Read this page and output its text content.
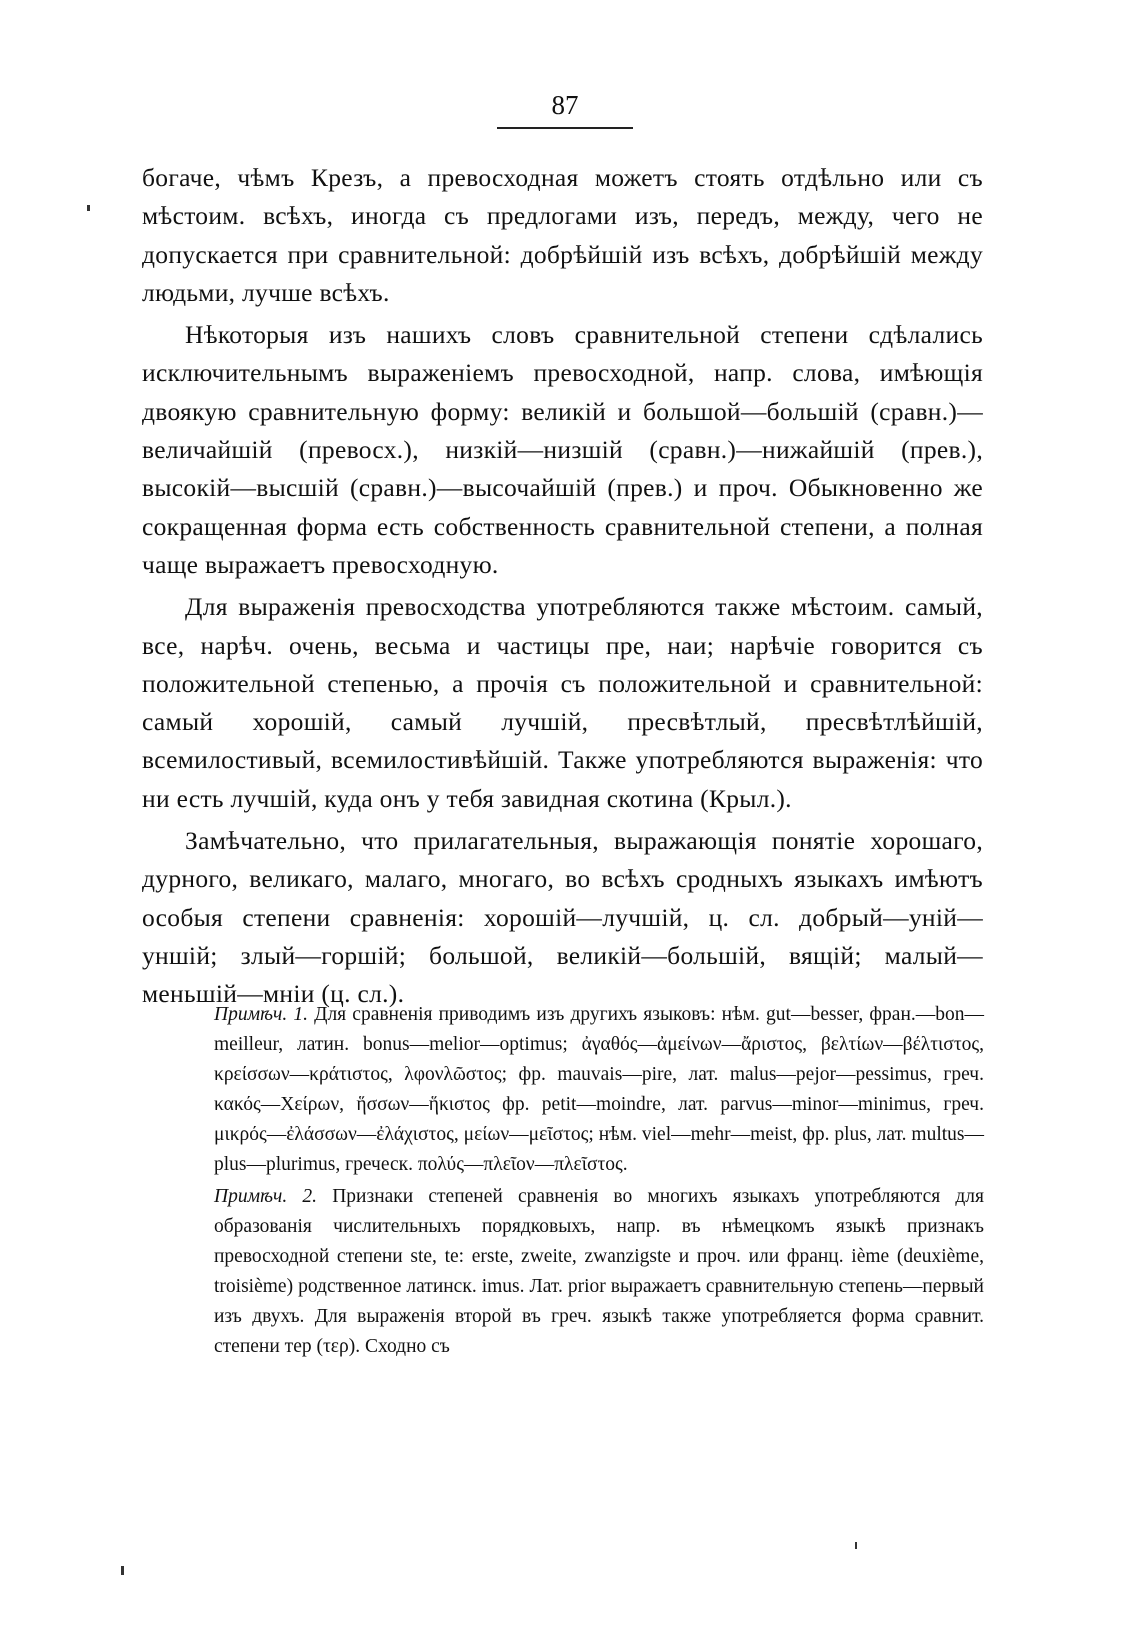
87

богаче, чѣмъ Крезъ, а превосходная можетъ стоять отдѣльно или съ мѣстоим. всѣхъ, иногда съ предлогами изъ, передъ, между, чего не допускается при сравнительной: добрѣйшій изъ всѣхъ, добрѣйшій между людьми, лучше всѣхъ.

Нѣкоторыя изъ нашихъ словъ сравнительной степени сдѣлались исключительнымъ выраженіемъ превосходной, напр. слова, имѣющія двоякую сравнительную форму: великій и большой—большій (сравн.)—величайшій (превосх.), низкій—низшій (сравн.)—нижайшій (прев.), высокій—высшій (сравн.)—высочайшій (прев.) и проч. Обыкновенно же сокращенная форма есть собственность сравнительной степени, а полная чаще выражаетъ превосходную.

Для выраженія превосходства употребляются также мѣстоим. самый, все, нарѣч. очень, весьма и частицы пре, наи; нарѣчіе говорится съ положительной степенью, а прочія съ положительной и сравнительной: самый хорошій, самый лучшій, пресвѣтлый, пресвѣтлѣйшій, всемилостивый, всемилостивѣйшій. Также употребляются выраженія: что ни есть лучшій, куда онъ у тебя завидная скотина (Крыл.).

Замѣчательно, что прилагательныя, выражающія понятіе хорошаго, дурного, великаго, малаго, многаго, во всѣхъ сродныхъ языкахъ имѣютъ особыя степени сравненія: хорошій—лучшій, ц. сл. добрый—уній—уншій; злый—горшій; большой, великій—большій, вящій; малый—меньшій—мніи (ц. сл.).

Примѣч. 1. Для сравненія приводимъ изъ другихъ языковъ: нѣм. gut—besser, фран.—bon—meilleur, латин. bonus—melior—optimus; ἀγαθός—ἀμείνων—ἄριστος, βελτίων—βέλτιστος, κρείσσων—κράτιστος, λφονλῶστος; фр. mauvais—pire, лат. malus—pejor—pessimus, греч. κακός—Χείρων, ἥσσων—ἥκιστος фр. petit—moindre, лат. parvus—minor—minimus, греч. μικρός—ἐλάσσων—ἐλάχιστος, μείων—μεῖστος; нѣм. viel—mehr—meist, фр. plus, лат. multus—plus—plurimus, греческ. πολύς—πλεῖον—πλεῖστος.

Примѣч. 2. Признаки степеней сравненія во многихъ языкахъ употребляются для образованія числительныхъ порядковыхъ, напр. въ нѣмецкомъ языкѣ признакъ превосходной степени ste, te: erste, zweite, zwanzigste и проч. или франц. ième (deuxième, troisième) родственное латинск. imus. Лат. prior выражаетъ сравнительную степень—первый изъ двухъ. Для выраженія второй въ греч. языкѣ также употребляется форма сравнит. степени тер (τερ). Сходно съ
